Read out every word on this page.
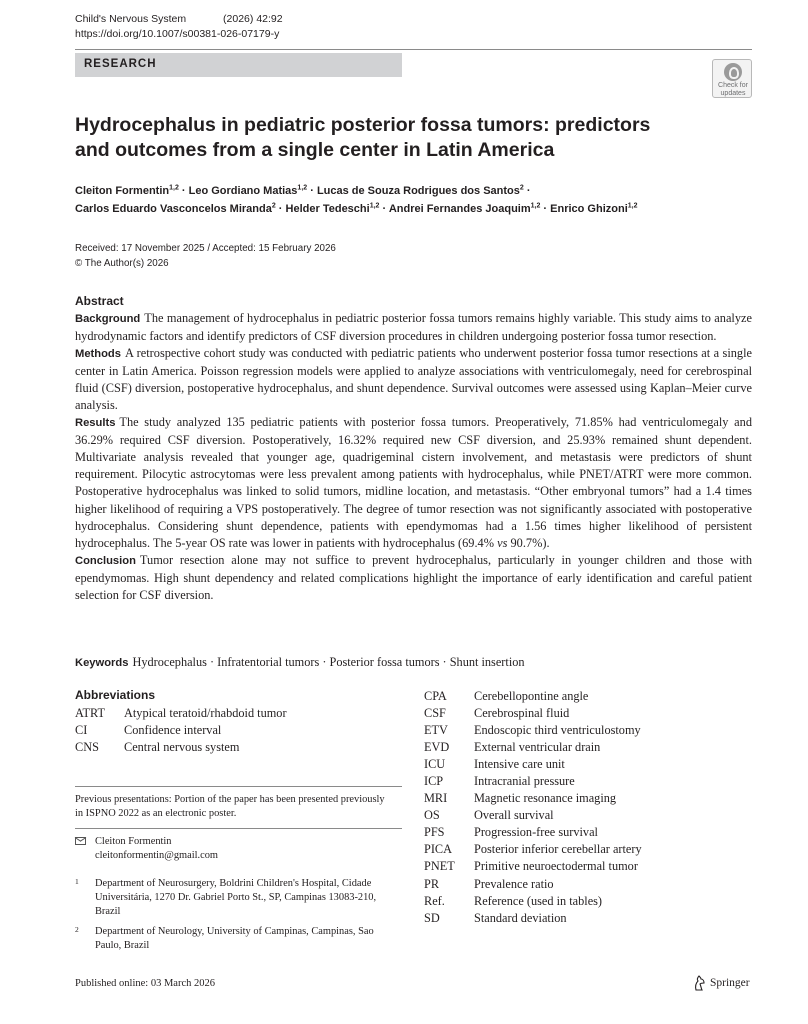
Child's Nervous System	(2026) 42:92
https://doi.org/10.1007/s00381-026-07179-y
RESEARCH
Check for updates
Hydrocephalus in pediatric posterior fossa tumors: predictors and outcomes from a single center in Latin America
Cleiton Formentin$^{1,2}$ · Leo Gordiano Matias$^{1,2}$ · Lucas de Souza Rodrigues dos Santos$^2$ ·
Carlos Eduardo Vasconcelos Miranda$^2$ · Helder Tedeschi$^{1,2}$ · Andrei Fernandes Joaquim$^{1,2}$ · Enrico Ghizoni$^{1,2}$
Received: 17 November 2025 / Accepted: 15 February 2026
© The Author(s) 2026
Abstract

Background The management of hydrocephalus in pediatric posterior fossa tumors remains highly variable. This study aims to analyze hydrodynamic factors and identify predictors of CSF diversion procedures in children undergoing posterior fossa tumor resection.

Methods A retrospective cohort study was conducted with pediatric patients who underwent posterior fossa tumor resections at a single center in Latin America. Poisson regression models were applied to analyze associations with ventriculomegaly, need for cerebrospinal fluid (CSF) diversion, postoperative hydrocephalus, and shunt dependence. Survival outcomes were assessed using Kaplan–Meier curve analysis.

Results The study analyzed 135 pediatric patients with posterior fossa tumors. Preoperatively, 71.85% had ventriculomegaly and 36.29% required CSF diversion. Postoperatively, 16.32% required new CSF diversion, and 25.93% remained shunt dependent. Multivariate analysis revealed that younger age, quadrigeminal cistern involvement, and metastasis were predictors of shunt requirement. Pilocytic astrocytomas were less prevalent among patients with hydrocephalus, while PNET/ATRT were more common. Postoperative hydrocephalus was linked to solid tumors, midline location, and metastasis. “Other embryonal tumors” had a 1.4 times higher likelihood of requiring a VPS postoperatively. The degree of tumor resection was not significantly associated with postoperative hydrocephalus. Considering shunt dependence, patients with ependymomas had a 1.56 times higher likelihood of persistent hydrocephalus. The 5-year OS rate was lower in patients with hydrocephalus (69.4% vs 90.7%).

Conclusion Tumor resection alone may not suffice to prevent hydrocephalus, particularly in younger children and those with ependymomas. High shunt dependency and related complications highlight the importance of early identification and careful patient selection for CSF diversion.

Keywords Hydrocephalus · Infratentorial tumors · Posterior fossa tumors · Shunt insertion
Abbreviations
ATRT	Atypical teratoid/rhabdoid tumor
CI	Confidence interval
CNS	Central nervous system
CPA	Cerebellopontine angle
CSF	Cerebrospinal fluid
ETV	Endoscopic third ventriculostomy
EVD	External ventricular drain
ICU	Intensive care unit
ICP	Intracranial pressure
MRI	Magnetic resonance imaging
OS	Overall survival
PFS	Progression-free survival
PICA	Posterior inferior cerebellar artery
PNET	Primitive neuroectodermal tumor
PR	Prevalence ratio
Ref.	Reference (used in tables)
SD	Standard deviation
Previous presentations: Portion of the paper has been presented previously in ISPNO 2022 as an electronic poster.
Cleiton Formentin
cleitonformentin@gmail.com
1 Department of Neurosurgery, Boldrini Children's Hospital, Cidade Universitária, 1270 Dr. Gabriel Porto St., SP, Campinas 13083-210, Brazil
2 Department of Neurology, University of Campinas, Campinas, Sao Paulo, Brazil
Published online: 03 March 2026	Springer
